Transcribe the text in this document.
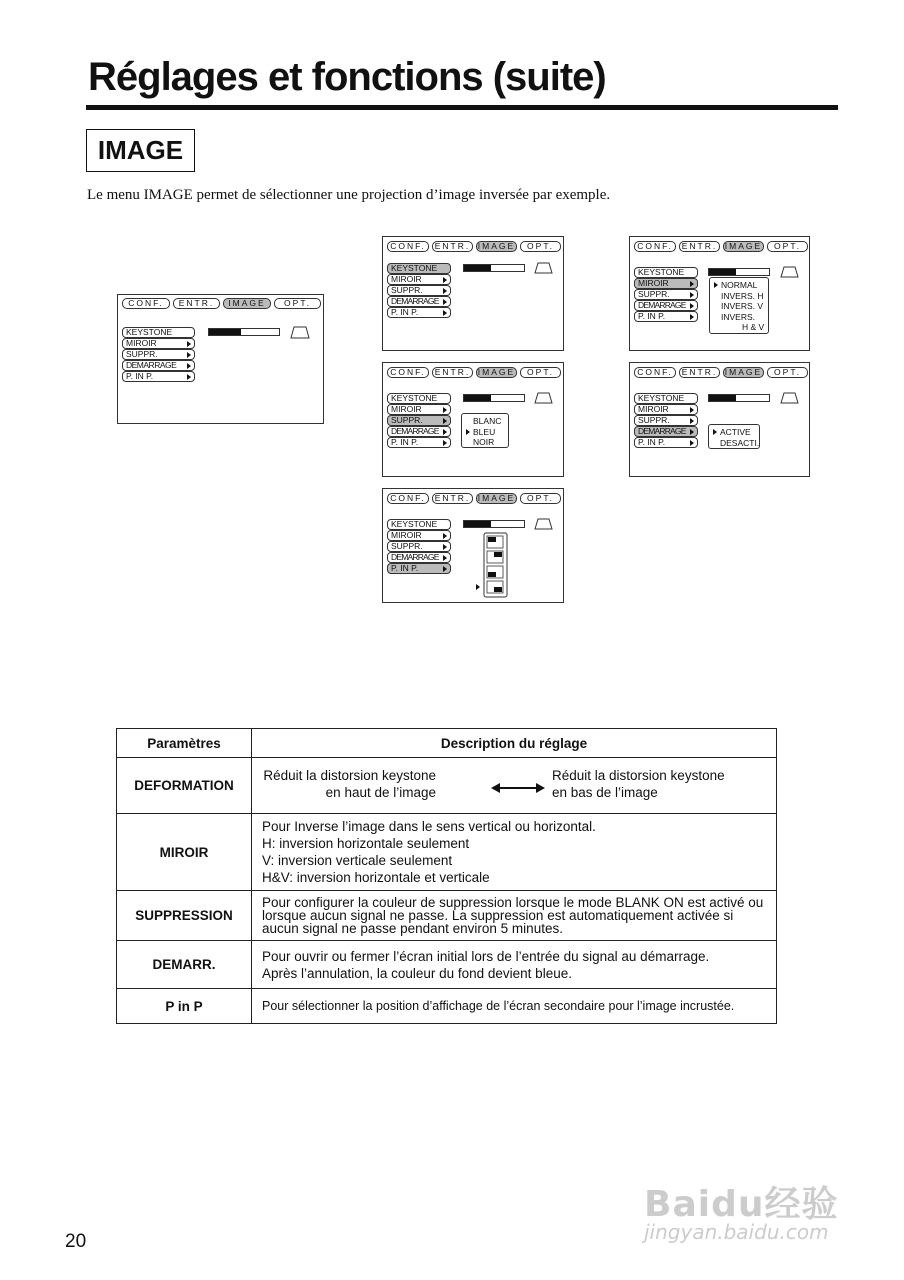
Réglages et fonctions (suite)
IMAGE
Le menu IMAGE permet de sélectionner une projection d’image inversée par exemple.
CONF.	ENTR.	IMAGE	OPT.
KEYSTONE
MIROIR
SUPPR.
DEMARRAGE
P. IN P.
CONF.	ENTR. IMAGE	OPT.
KEYSTONE
MIROIR
SUPPR.
DEMARRAGE
P. IN P.
CONF.	ENTR. IMAGE	OPT.
KEYSTONE
MIROIR
SUPPR.
DEMARRAGE
P. IN P.
NORMAL
INVERS. H
INVERS. V
INVERS.
H & V
CONF.	ENTR. IMAGE	OPT.
KEYSTONE
MIROIR
SUPPR.
DEMARRAGE
P. IN P.
BLANC
BLEU
NOIR
CONF.	ENTR. IMAGE	OPT.
KEYSTONE
MIROIR
SUPPR.
DEMARRAGE
P. IN P.
ACTIVE
DESACTI.
CONF.	ENTR. IMAGE	OPT.
KEYSTONE
MIROIR
SUPPR.
DEMARRAGE
P. IN P.
Paramètres	Description du réglage
DEFORMATION	Réduit la distorsion keystone
en haut de l’image
Réduit la distorsion keystone
en bas de l’image

MIROIR	Pour Inverse l’image dans le sens vertical ou horizontal.
H: inversion horizontale seulement
V: inversion verticale seulement
H&V: inversion horizontale et verticale

SUPPRESSION	Pour configurer la couleur de suppression lorsque le mode BLANK ON est activé ou
lorsque aucun signal ne passe. La suppression est automatiquement activée si
aucun signal ne passe pendant environ 5 minutes.

DEMARR.	Pour ouvrir ou fermer l’écran initial lors de l’entrée du signal au démarrage.
Après l’annulation, la couleur du fond devient bleue.

P in P	Pour sélectionner la position d’affichage de l’écran secondaire pour l’image incrustée.
20
Baidu经验
jingyan.baidu.com
